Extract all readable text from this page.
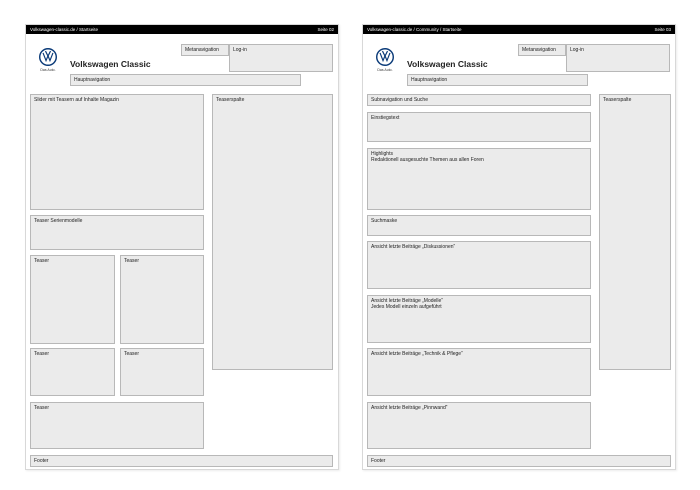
Volkswagen-classic.de / Startseite	Seite 02
Das Auto.
Volkswagen Classic
Metanavigation	Log-in
Hauptnavigation
Slider mit Teasern auf Inhalte Magazin	Teaserspalte
Teaser Serienmodelle
Teaser	Teaser
Teaser	Teaser
Teaser
Footer
Volkswagen-classic.de / Community / Startseite	Seite 03
Das Auto.
Volkswagen Classic
Metanavigation	Log-in
Hauptnavigation
Subnavigation und Suche	Teaserspalte
Einstiegstext
Highlights
Redaktionell ausgesuchte Themen aus allen Foren
Suchmaske
Ansicht letzte Beiträge „Diskussionen“
Ansicht letzte Beiträge „Modelle“
Jedes Modell einzeln aufgeführt
Ansicht letzte Beiträge „Technik & Pflege“
Ansicht letzte Beiträge „Pinnwand“
Footer
